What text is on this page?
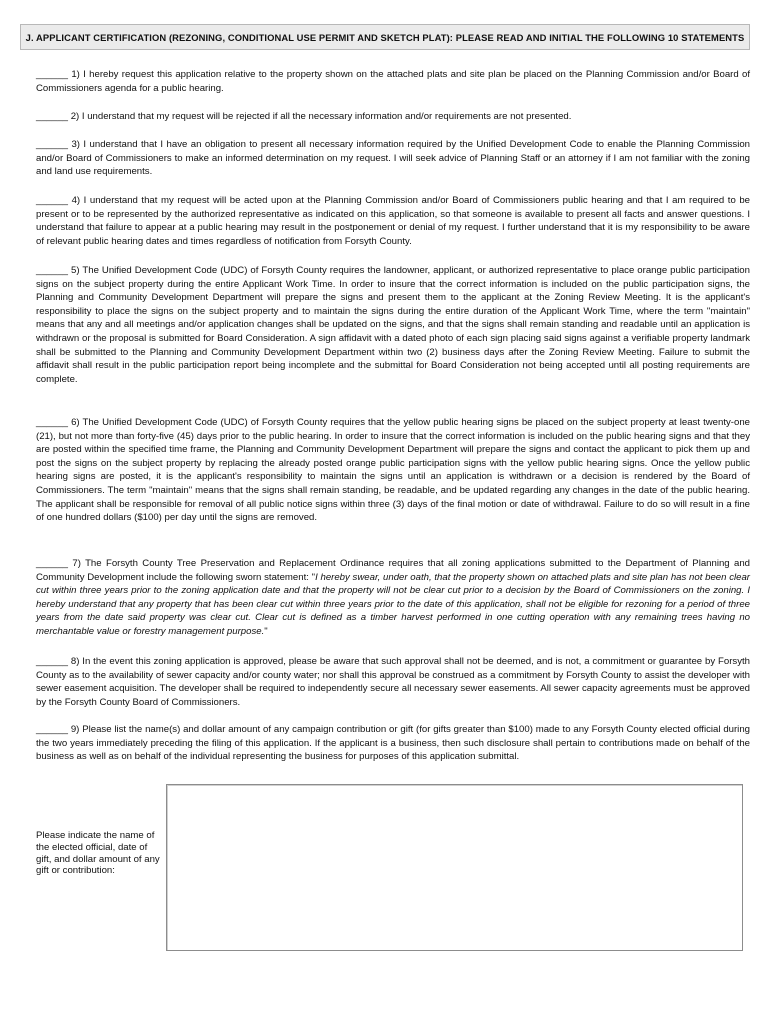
J. APPLICANT CERTIFICATION (REZONING, CONDITIONAL USE PERMIT AND SKETCH PLAT): PLEASE READ AND INITIAL THE FOLLOWING 10 STATEMENTS
______ 1) I hereby request this application relative to the property shown on the attached plats and site plan be placed on the Planning Commission and/or Board of Commissioners agenda for a public hearing.
______ 2) I understand that my request will be rejected if all the necessary information and/or requirements are not presented.
______ 3) I understand that I have an obligation to present all necessary information required by the Unified Development Code to enable the Planning Commission and/or Board of Commissioners to make an informed determination on my request. I will seek advice of Planning Staff or an attorney if I am not familiar with the zoning and land use requirements.
______ 4) I understand that my request will be acted upon at the Planning Commission and/or Board of Commissioners public hearing and that I am required to be present or to be represented by the authorized representative as indicated on this application, so that someone is available to present all facts and answer questions. I understand that failure to appear at a public hearing may result in the postponement or denial of my request. I further understand that it is my responsibility to be aware of relevant public hearing dates and times regardless of notification from Forsyth County.
______ 5) The Unified Development Code (UDC) of Forsyth County requires the landowner, applicant, or authorized representative to place orange public participation signs on the subject property during the entire Applicant Work Time. In order to insure that the correct information is included on the public participation signs, the Planning and Community Development Department will prepare the signs and present them to the applicant at the Zoning Review Meeting. It is the applicant's responsibility to place the signs on the subject property and to maintain the signs during the entire duration of the Applicant Work Time, where the term "maintain" means that any and all meetings and/or application changes shall be updated on the signs, and that the signs shall remain standing and readable until an application is withdrawn or the proposal is submitted for Board Consideration. A sign affidavit with a dated photo of each sign placing said signs against a verifiable property landmark shall be submitted to the Planning and Community Development Department within two (2) business days after the Zoning Review Meeting. Failure to submit the affidavit shall result in the public participation report being incomplete and the submittal for Board Consideration not being accepted until all posting requirements are complete.
______ 6) The Unified Development Code (UDC) of Forsyth County requires that the yellow public hearing signs be placed on the subject property at least twenty-one (21), but not more than forty-five (45) days prior to the public hearing. In order to insure that the correct information is included on the public hearing signs and that they are posted within the specified time frame, the Planning and Community Development Department will prepare the signs and contact the applicant to pick them up and post the signs on the subject property by replacing the already posted orange public participation signs with the yellow public hearing signs. Once the yellow public hearing signs are posted, it is the applicant's responsibility to maintain the signs until an application is withdrawn or a decision is rendered by the Board of Commissioners. The term "maintain" means that the signs shall remain standing, be readable, and be updated regarding any changes in the date of the public hearing. The applicant shall be responsible for removal of all public notice signs within three (3) days of the final motion or date of withdrawal. Failure to do so will result in a fine of one hundred dollars ($100) per day until the signs are removed.
______ 7) The Forsyth County Tree Preservation and Replacement Ordinance requires that all zoning applications submitted to the Department of Planning and Community Development include the following sworn statement: "I hereby swear, under oath, that the property shown on attached plats and site plan has not been clear cut within three years prior to the zoning application date and that the property will not be clear cut prior to a decision by the Board of Commissioners on the zoning. I hereby understand that any property that has been clear cut within three years prior to the date of this application, shall not be eligible for rezoning for a period of three years from the date said property was clear cut. Clear cut is defined as a timber harvest performed in one cutting operation with any remaining trees having no merchantable value or forestry management purpose."
______ 8) In the event this zoning application is approved, please be aware that such approval shall not be deemed, and is not, a commitment or guarantee by Forsyth County as to the availability of sewer capacity and/or county water; nor shall this approval be construed as a commitment by Forsyth County to assist the developer with sewer easement acquisition. The developer shall be required to independently secure all necessary sewer easements. All sewer capacity agreements must be approved by the Forsyth County Board of Commissioners.
______ 9) Please list the name(s) and dollar amount of any campaign contribution or gift (for gifts greater than $100) made to any Forsyth County elected official during the two years immediately preceding the filing of this application. If the applicant is a business, then such disclosure shall pertain to contributions made on behalf of the business as well as on behalf of the individual representing the business for purposes of this application submittal.
Please indicate the name of the elected official, date of gift, and dollar amount of any gift or contribution:
